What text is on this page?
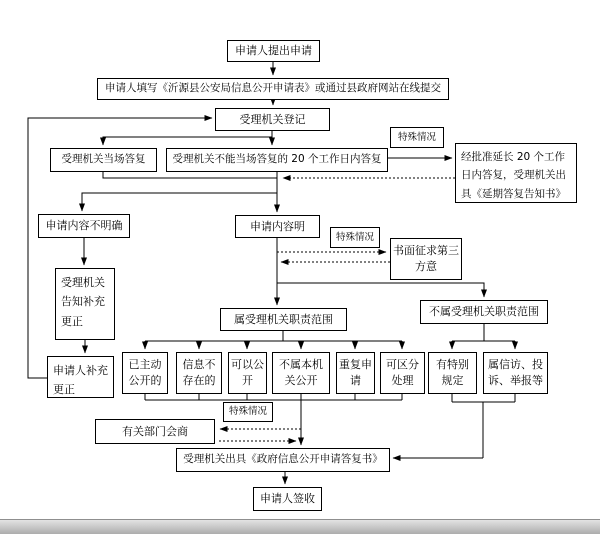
申请人提出申请
申请人填写《沂源县公安局信息公开申请表》或通过县政府网站在线提交
受理机关登记
特殊情况
受理机关当场答复	受理机关不能当场答复的 20 个工作日内答复	经批准延长 20 个工作日内答复，受理机关出具《延期答复告知书》
申请内容不明确	申请内容明
特殊情况
书面征求第三方意
受理机关告知补充更正
申请人补充更正
属受理机关职责范围
不属受理机关职责范围
已主动公开的
信息不存在的
可以公开
不属本机关公开
重复申请
可区分处理
有特别规定
属信访、投诉、举报等
特殊情况
有关部门会商
受理机关出具《政府信息公开申请答复书》
申请人签收
